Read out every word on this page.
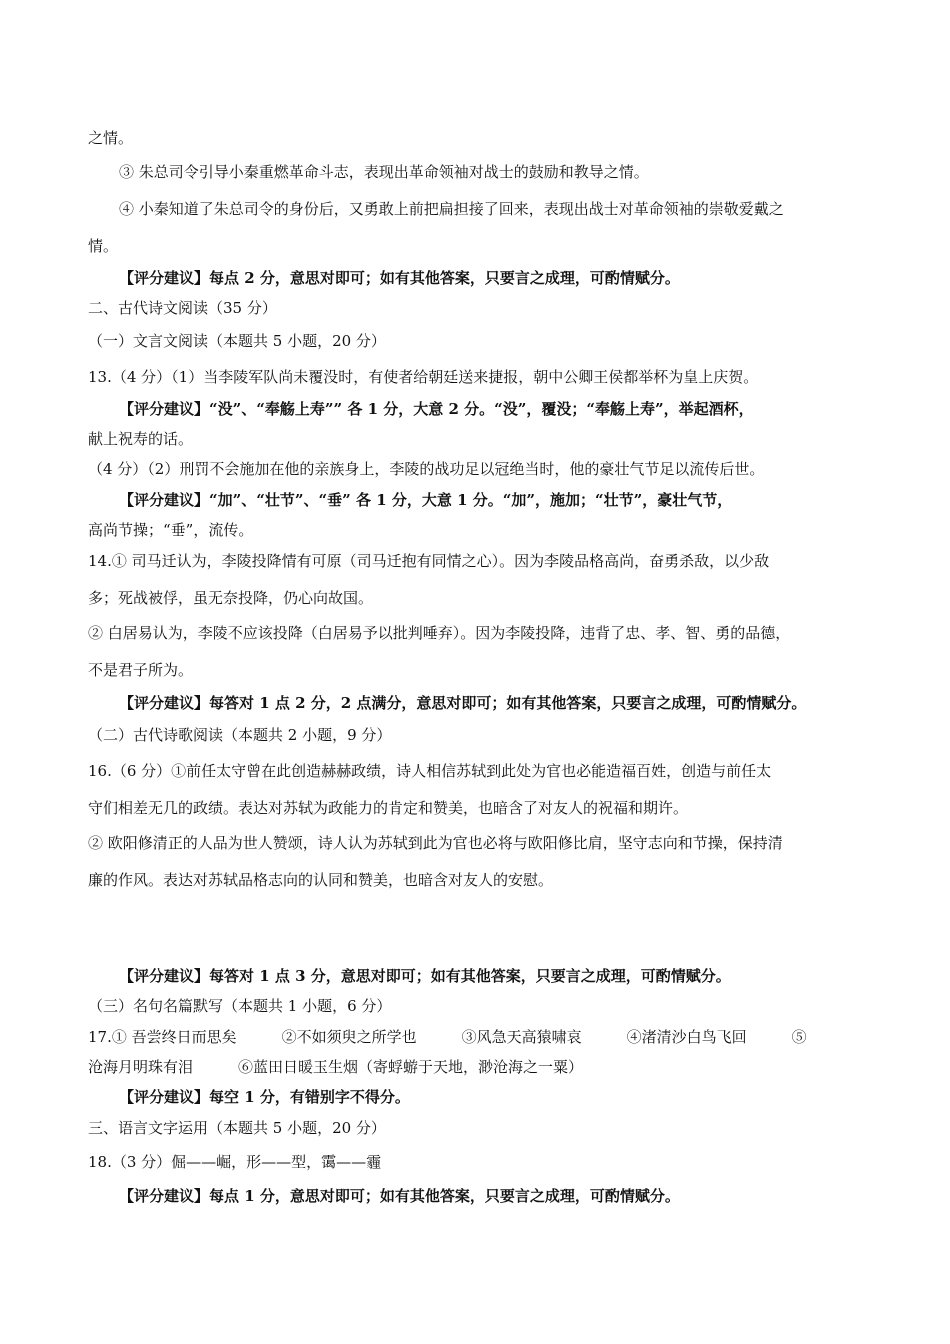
之情。
③ 朱总司令引导小秦重燃革命斗志，表现出革命领袖对战士的鼓励和教导之情。
④ 小秦知道了朱总司令的身份后，又勇敢上前把扁担接了回来，表现出战士对革命领袖的崇敬爱戴之
情。
【评分建议】每点 2 分，意思对即可；如有其他答案，只要言之成理，可酌情赋分。
二、古代诗文阅读（35 分）
（一）文言文阅读（本题共 5 小题，20 分）
13.（4 分）（1）当李陵军队尚未覆没时，有使者给朝廷送来捷报，朝中公卿王侯都举杯为皇上庆贺。
【评分建议】“没”、“奉觞上寿”” 各 1 分，大意 2 分。“没”，覆没；“奉觞上寿”，举起酒杯，
献上祝寿的话。
（4 分）（2）刑罚不会施加在他的亲族身上，李陵的战功足以冠绝当时，他的豪壮气节足以流传后世。
【评分建议】“加”、“壮节”、“垂” 各 1 分，大意 1 分。“加”，施加；“壮节”，豪壮气节，
高尚节操；“垂”，流传。
14.① 司马迁认为，李陵投降情有可原（司马迁抱有同情之心）。因为李陵品格高尚，奋勇杀敌，以少敌
多；死战被俘，虽无奈投降，仍心向故国。
② 白居易认为，李陵不应该投降（白居易予以批判唾弃）。因为李陵投降，违背了忠、孝、智、勇的品德，
不是君子所为。
【评分建议】每答对 1 点 2 分，2 点满分，意思对即可；如有其他答案，只要言之成理，可酌情赋分。
（二）古代诗歌阅读（本题共 2 小题，9 分）
16.（6 分）①前任太守曾在此创造赫赫政绩，诗人相信苏轼到此处为官也必能造福百姓，创造与前任太
守们相差无几的政绩。表达对苏轼为政能力的肯定和赞美，也暗含了对友人的祝福和期许。
② 欧阳修清正的人品为世人赞颂，诗人认为苏轼到此为官也必将与欧阳修比肩，坚守志向和节操，保持清
廉的作风。表达对苏轼品格志向的认同和赞美，也暗含对友人的安慰。
【评分建议】每答对 1 点 3 分，意思对即可；如有其他答案，只要言之成理，可酌情赋分。
（三）名句名篇默写（本题共 1 小题，6 分）
17.① 吾尝终日而思矣　　　②不如须臾之所学也　　　③风急天高猿啸哀　　　④渚清沙白鸟飞回　　　⑤
沧海月明珠有泪　　　⑥蓝田日暖玉生烟（寄蜉蝣于天地，渺沧海之一粟）
【评分建议】每空 1 分，有错别字不得分。
三、语言文字运用（本题共 5 小题，20 分）
18.（3 分）倔——崛，形——型，霭——霾
【评分建议】每点 1 分，意思对即可；如有其他答案，只要言之成理，可酌情赋分。
